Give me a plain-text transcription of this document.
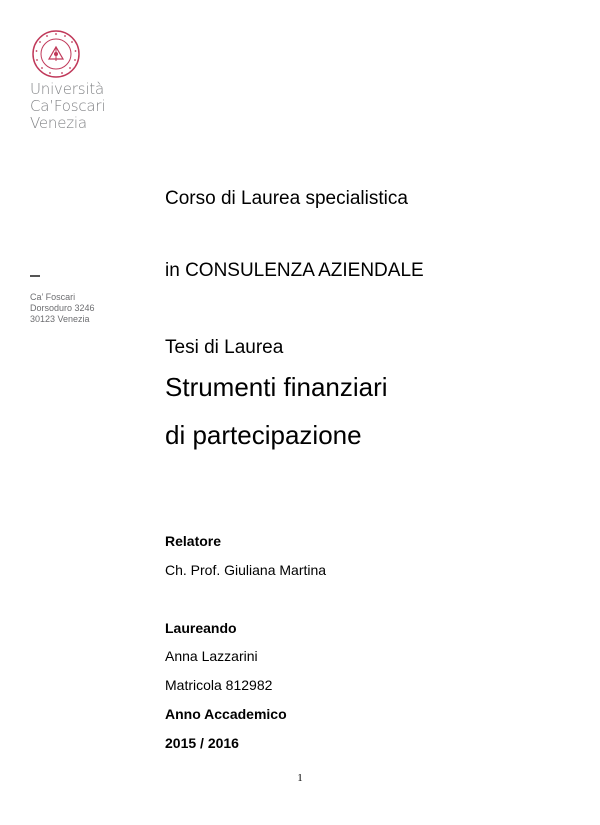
Università
Ca’Foscari
Venezia
Ca’ Foscari
Dorsoduro 3246
30123 Venezia
Corso di Laurea specialistica
in CONSULENZA AZIENDALE
Tesi di Laurea
Strumenti finanziari
di partecipazione
Relatore
Ch. Prof. Giuliana Martina
Laureando
Anna Lazzarini
Matricola 812982
Anno Accademico
2015 / 2016
1
